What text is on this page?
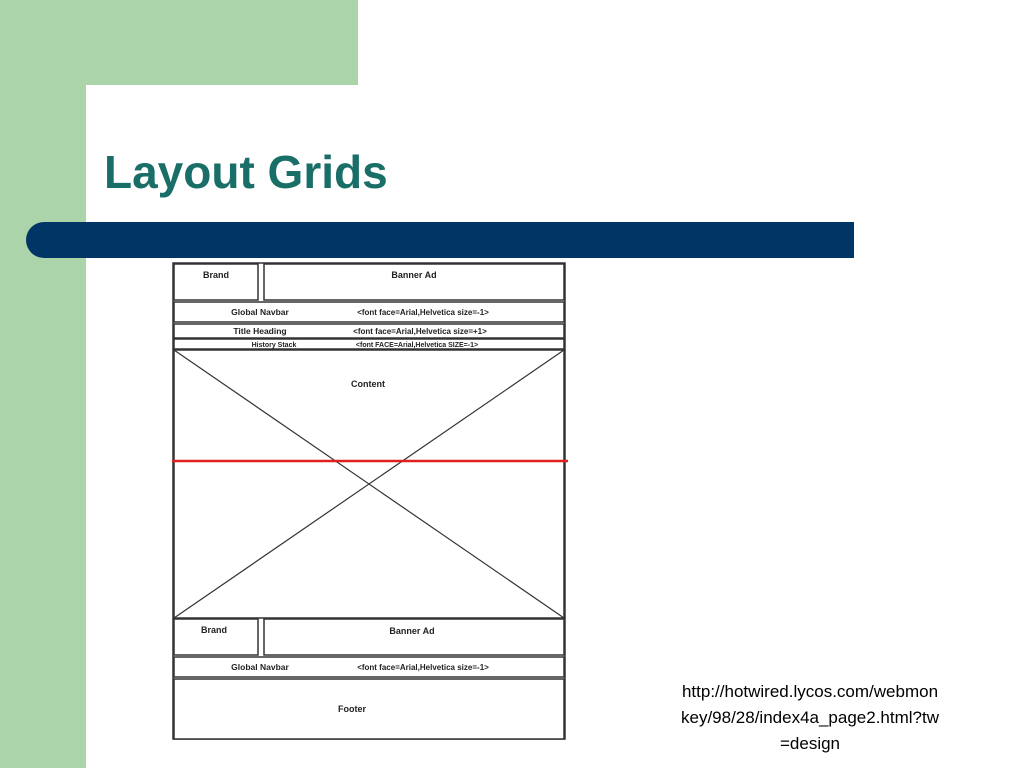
Layout Grids
Brand	Banner Ad
Global Navbar	<font face=Arial,Helvetica size=-1>
Title Heading	<font face=Arial,Helvetica size=+1>
History Stack	<font FACE=Arial,Helvetica SIZE=-1>
Content
Brand	Banner Ad
Global Navbar	<font face=Arial,Helvetica size=-1>
Footer
http://hotwired.lycos.com/webmon
key/98/28/index4a_page2.html?tw
=design
